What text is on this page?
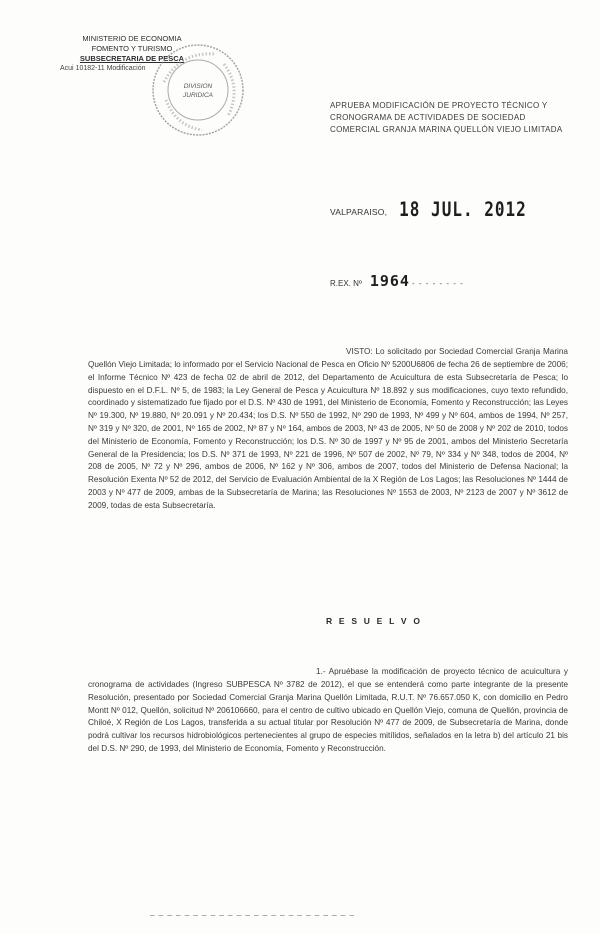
MINISTERIO DE ECONOMIA
FOMENTO Y TURISMO
SUBSECRETARIA DE PESCA
Acui 10182-11 Modificación
DIVISION
JURIDICA
APRUEBA MODIFICACIÓN DE PROYECTO TÉCNICO Y CRONOGRAMA DE ACTIVIDADES DE SOCIEDAD COMERCIAL GRANJA MARINA QUELLÓN VIEJO LIMITADA
VALPARAISO, 18 JUL. 2012
R.EX. Nº 1964 - - - - - - - -

VISTO: Lo solicitado por Sociedad Comercial Granja Marina Quellón Viejo Limitada; lo informado por el Servicio Nacional de Pesca en Oficio Nº 5200U6806 de fecha 26 de septiembre de 2006; el Informe Técnico Nº 423 de fecha 02 de abril de 2012, del Departamento de Acuicultura de esta Subsecretaría de Pesca; lo dispuesto en el D.F.L. Nº 5, de 1983; la Ley General de Pesca y Acuicultura Nº 18.892 y sus modificaciones, cuyo texto refundido, coordinado y sistematizado fue fijado por el D.S. Nº 430 de 1991, del Ministerio de Economía, Fomento y Reconstrucción; las Leyes Nº 19.300, Nº 19.880, Nº 20.091 y Nº 20.434; los D.S. Nº 550 de 1992, Nº 290 de 1993, Nº 499 y Nº 604, ambos de 1994, Nº 257, Nº 319 y Nº 320, de 2001, Nº 165 de 2002, Nº 87 y Nº 164, ambos de 2003, Nº 43 de 2005, Nº 50 de 2008 y Nº 202 de 2010, todos del Ministerio de Economía, Fomento y Reconstrucción; los D.S. Nº 30 de 1997 y Nº 95 de 2001, ambos del Ministerio Secretaría General de la Presidencia; los D.S. Nº 371 de 1993, Nº 221 de 1996, Nº 507 de 2002, Nº 79, Nº 334 y Nº 348, todos de 2004, Nº 208 de 2005, Nº 72 y Nº 296, ambos de 2006, Nº 162 y Nº 306, ambos de 2007, todos del Ministerio de Defensa Nacional; la Resolución Exenta Nº 52 de 2012, del Servicio de Evaluación Ambiental de la X Región de Los Lagos; las Resoluciones Nº 1444 de 2003 y Nº 477 de 2009, ambas de la Subsecretaría de Marina; las Resoluciones Nº 1553 de 2003, Nº 2123 de 2007 y Nº 3612 de 2009, todas de esta Subsecretaría.

R E S U E L V O

1.- Apruébase la modificación de proyecto técnico de acuicultura y cronograma de actividades (Ingreso SUBPESCA Nº 3782 de 2012), el que se entenderá como parte integrante de la presente Resolución, presentado por Sociedad Comercial Granja Marina Quellón Limitada, R.U.T. Nº 76.657.050 K, con domicilio en Pedro Montt Nº 012, Quellón, solicitud Nº 206106660, para el centro de cultivo ubicado en Quellón Viejo, comuna de Quellón, provincia de Chiloé, X Región de Los Lagos, transferida a su actual titular por Resolución Nº 477 de 2009, de Subsecretaría de Marina, donde podrá cultivar los recursos hidrobiológicos pertenecientes al grupo de especies mitílidos, señalados en la letra b) del artículo 21 bis del D.S. Nº 290, de 1993, del Ministerio de Economía, Fomento y Reconstrucción.

_ _ _ _ _ _ _ _ _ _ _ _ _ _ _ _ _ _ _ _ _ _ _ _
